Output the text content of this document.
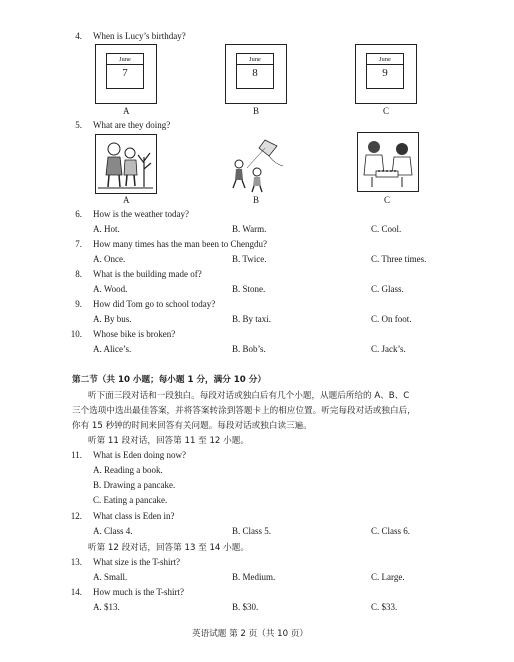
4. When is Lucy’s birthday?
June
7
June
8
June
9
A	B	C
5. What are they doing?
A	B	C
6. How is the weather today?
A. Hot.	B. Warm.	C. Cool.
7. How many times has the man been to Chengdu?
A. Once.	B. Twice.	C. Three times.
8. What is the building made of?
A. Wood.	B. Stone.	C. Glass.
9. How did Tom go to school today?
A. By bus.	B. By taxi.	C. On foot.
10. Whose bike is broken?
A. Alice’s.	B. Bob’s.	C. Jack’s.
第二节（共 10 小题；每小题 1 分，满分 10 分）
听下面三段对话和一段独白。每段对话或独白后有几个小题，从题后所给的 A、B、C
三个选项中选出最佳答案，并将答案转涂到答题卡上的相应位置。听完每段对话或独白后，
你有 15 秒钟的时间来回答有关问题。每段对话或独白读三遍。
听第 11 段对话，回答第 11 至 12 小题。
11. What is Eden doing now?
A. Reading a book.
B. Drawing a pancake.
C. Eating a pancake.
12. What class is Eden in?
A. Class 4.	B. Class 5.	C. Class 6.
听第 12 段对话，回答第 13 至 14 小题。
13. What size is the T-shirt?
A. Small.	B. Medium.	C. Large.
14. How much is the T-shirt?
A. $13.	B. $30.	C. $33.
英语试题 第 2 页（共 10 页）
